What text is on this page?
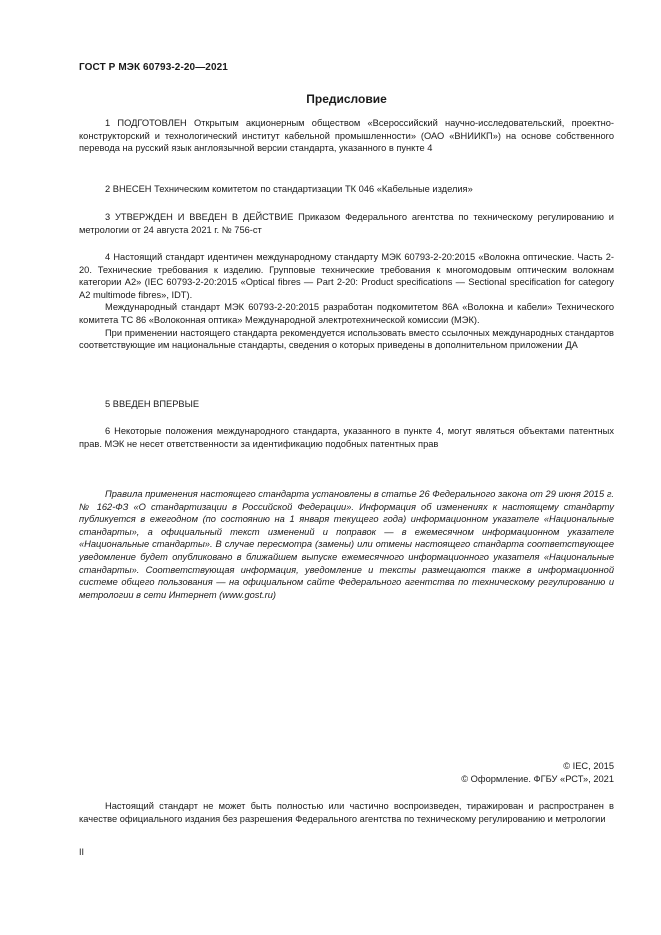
ГОСТ Р МЭК 60793-2-20—2021
Предисловие

1 ПОДГОТОВЛЕН Открытым акционерным обществом «Всероссийский научно-исследовательский, проектно-конструкторский и технологический институт кабельной промышленности» (ОАО «ВНИИКП») на основе собственного перевода на русский язык англоязычной версии стандарта, указанного в пункте 4

2 ВНЕСЕН Техническим комитетом по стандартизации ТК 046 «Кабельные изделия»

3 УТВЕРЖДЕН И ВВЕДЕН В ДЕЙСТВИЕ Приказом Федерального агентства по техническому регулированию и метрологии от 24 августа 2021 г. № 756-ст

4 Настоящий стандарт идентичен международному стандарту МЭК 60793-2-20:2015 «Волокна оптические. Часть 2-20. Технические требования к изделию. Групповые технические требования к многомодовым оптическим волокнам категории A2» (IEC 60793-2-20:2015 «Optical fibres — Part 2-20: Product specifications — Sectional specification for category A2 multimode fibres», IDT).

Международный стандарт МЭК 60793-2-20:2015 разработан подкомитетом 86A «Волокна и кабели» Технического комитета TC 86 «Волоконная оптика» Международной электротехнической комиссии (МЭК).

При применении настоящего стандарта рекомендуется использовать вместо ссылочных международных стандартов соответствующие им национальные стандарты, сведения о которых приведены в дополнительном приложении ДА

5 ВВЕДЕН ВПЕРВЫЕ

6 Некоторые положения международного стандарта, указанного в пункте 4, могут являться объектами патентных прав. МЭК не несет ответственности за идентификацию подобных патентных прав

Правила применения настоящего стандарта установлены в статье 26 Федерального закона от 29 июня 2015 г. № 162-ФЗ «О стандартизации в Российской Федерации». Информация об изменениях к настоящему стандарту публикуется в ежегодном (по состоянию на 1 января текущего года) информационном указателе «Национальные стандарты», а официальный текст изменений и поправок — в ежемесячном информационном указателе «Национальные стандарты». В случае пересмотра (замены) или отмены настоящего стандарта соответствующее уведомление будет опубликовано в ближайшем выпуске ежемесячного информационного указателя «Национальные стандарты». Соответствующая информация, уведомление и тексты размещаются также в информационной системе общего пользования — на официальном сайте Федерального агентства по техническому регулированию и метрологии в сети Интернет (www.gost.ru)

© IEC, 2015
© Оформление. ФГБУ «РСТ», 2021

Настоящий стандарт не может быть полностью или частично воспроизведен, тиражирован и распространен в качестве официального издания без разрешения Федерального агентства по техническому регулированию и метрологии

II
